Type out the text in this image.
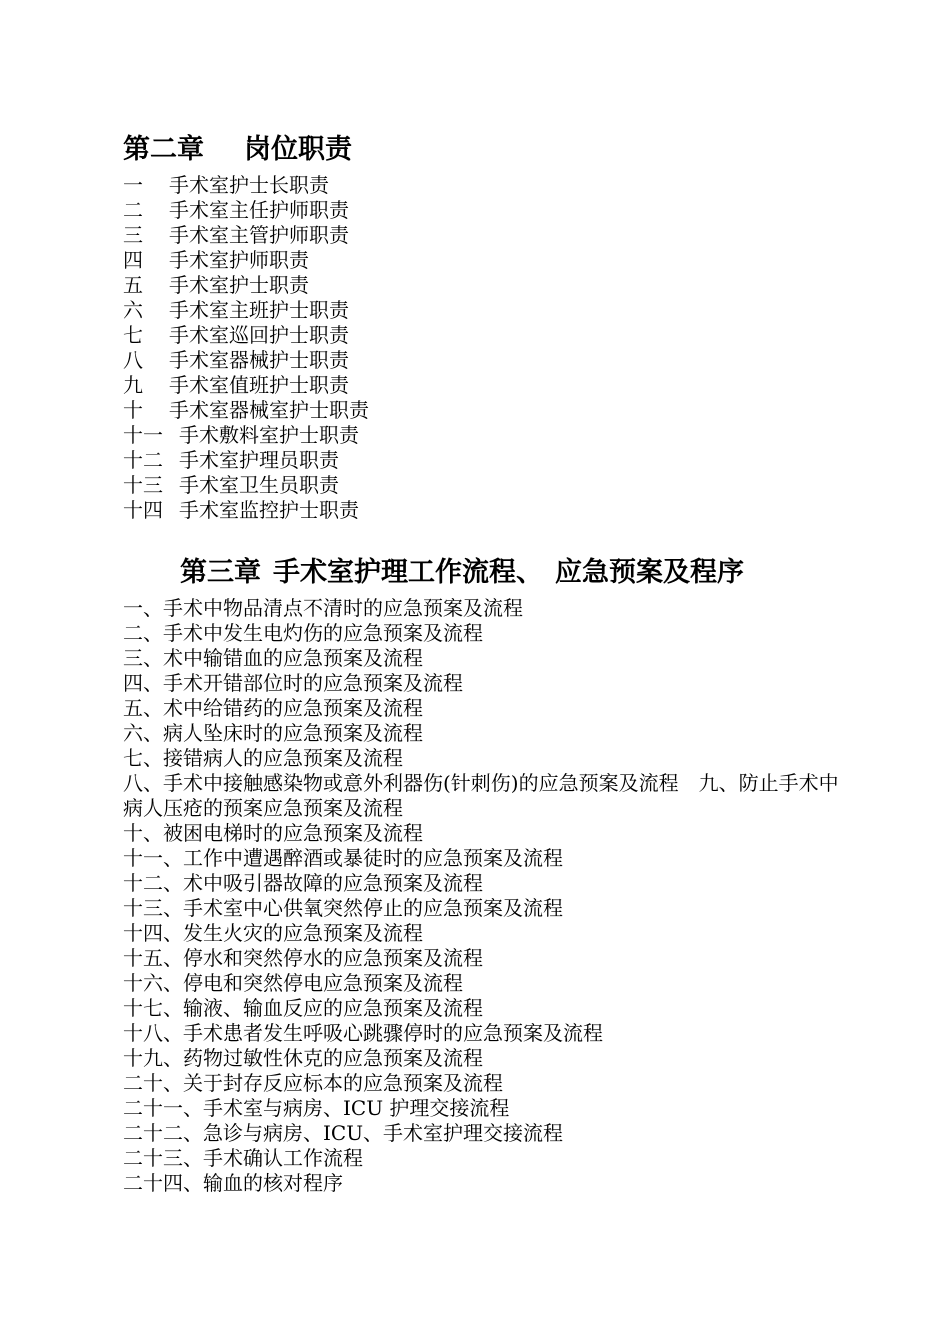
第二章 岗位职责
一 手术室护士长职责
二 手术室主任护师职责
三 手术室主管护师职责
四 手术室护师职责
五 手术室护士职责
六 手术室主班护士职责
七 手术室巡回护士职责
八 手术室器械护士职责
九 手术室值班护士职责
十 手术室器械室护士职责
十一 手术敷料室护士职责
十二 手术室护理员职责
十三 手术室卫生员职责
十四 手术室监控护士职责
第三章 手术室护理工作流程、 应急预案及程序
一、手术中物品清点不清时的应急预案及流程
二、手术中发生电灼伤的应急预案及流程
三、术中输错血的应急预案及流程
四、手术开错部位时的应急预案及流程
五、术中给错药的应急预案及流程
六、病人坠床时的应急预案及流程
七、接错病人的应急预案及流程
八、手术中接触感染物或意外利器伤(针刺伤)的应急预案及流程　九、防止手术中病人压疮的预案应急预案及流程
十、被困电梯时的应急预案及流程
十一、工作中遭遇醉酒或暴徒时的应急预案及流程
十二、术中吸引器故障的应急预案及流程
十三、手术室中心供氧突然停止的应急预案及流程
十四、发生火灾的应急预案及流程
十五、停水和突然停水的应急预案及流程
十六、停电和突然停电应急预案及流程
十七、输液、输血反应的应急预案及流程
十八、手术患者发生呼吸心跳骤停时的应急预案及流程
十九、药物过敏性休克的应急预案及流程
二十、关于封存反应标本的应急预案及流程
二十一、手术室与病房、ICU 护理交接流程
二十二、急诊与病房、ICU、手术室护理交接流程
二十三、手术确认工作流程
二十四、输血的核对程序
